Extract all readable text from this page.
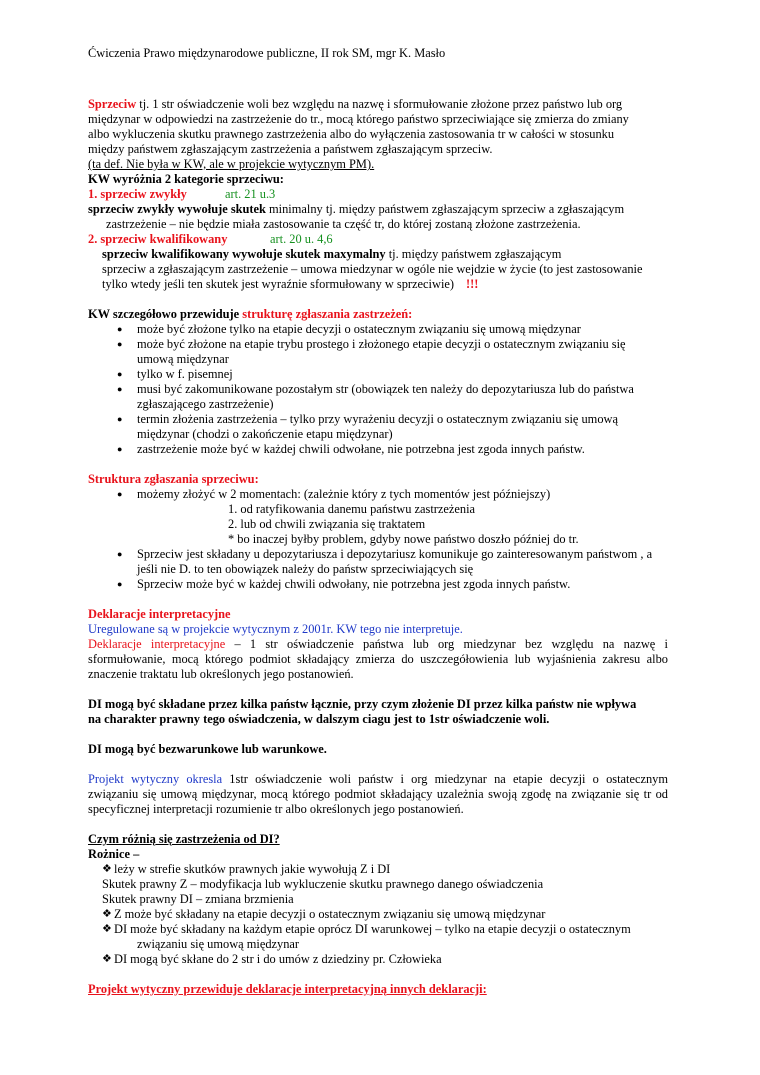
Ćwiczenia Prawo międzynarodowe publiczne, II rok SM, mgr K. Masło
Sprzeciw tj. 1 str oświadczenie woli bez względu na nazwę i sformułowanie złożone przez państwo lub org
międzynar w odpowiedzi na zastrzeżenie do tr., mocą którego państwo sprzeciwiające się zmierza do zmiany
albo wykluczenia skutku prawnego zastrzeżenia albo do wyłączenia zastosowania tr w całości w stosunku
między państwem zgłaszającym zastrzeżenia a państwem zgłaszającym sprzeciw.
(ta def. Nie była w KW, ale w projekcie wytycznym PM).
KW wyróżnia 2 kategorie sprzeciwu:
1. sprzeciw zwykły	art. 21 u.3
sprzeciw zwykły wywołuje skutek minimalny tj. między państwem zgłaszającym sprzeciw a zgłaszającym
zastrzeżenie – nie będzie miała zastosowanie ta część tr, do której zostaną złożone zastrzeżenia.
2. sprzeciw kwalifikowany	art. 20 u. 4,6
sprzeciw kwalifikowany wywołuje skutek maxymalny tj. między państwem zgłaszającym
sprzeciw a zgłaszającym zastrzeżenie – umowa miedzynar w ogóle nie wejdzie w życie (to jest zastosowanie
tylko wtedy jeśli ten skutek jest wyraźnie sformułowany w sprzeciwie) !!!
KW szczegółowo przewiduje strukturę zgłaszania zastrzeżeń:
● może być złożone tylko na etapie decyzji o ostatecznym związaniu się umową międzynar
● może być złożone na etapie trybu prostego i złożonego etapie decyzji o ostatecznym związaniu się
umową międzynar
● tylko w f. pisemnej
● musi być zakomunikowane pozostałym str (obowiązek ten należy do depozytariusza lub do państwa
zgłaszającego zastrzeżenie)
● termin złożenia zastrzeżenia – tylko przy wyrażeniu decyzji o ostatecznym związaniu się umową
międzynar (chodzi o zakończenie etapu międzynar)
● zastrzeżenie może być w każdej chwili odwołane, nie potrzebna jest zgoda innych państw.
Struktura zgłaszania sprzeciwu:
● możemy złożyć w 2 momentach: (zależnie który z tych momentów jest późniejszy)
1. od ratyfikowania danemu państwu zastrzeżenia
2. lub od chwili związania się traktatem
* bo inaczej byłby problem, gdyby nowe państwo doszło później do tr.
● Sprzeciw jest składany u depozytariusza i depozytariusz komunikuje go zainteresowanym państwom , a
jeśli nie D. to ten obowiązek należy do państw sprzeciwiających się
● Sprzeciw może być w każdej chwili odwołany, nie potrzebna jest zgoda innych państw.
Deklaracje interpretacyjne
Uregulowane są w projekcie wytycznym z 2001r. KW tego nie interpretuje.
Deklaracje interpretacyjne – 1 str oświadczenie państwa lub org miedzynar bez względu na nazwę i
sformułowanie, mocą którego podmiot składający zmierza do uszczegółowienia lub wyjaśnienia zakresu albo
znaczenie traktatu lub określonych jego postanowień.
DI mogą być składane przez kilka państw łącznie, przy czym złożenie DI przez kilka państw nie wpływa
na charakter prawny tego oświadczenia, w dalszym ciagu jest to 1str oświadczenie woli.
DI mogą być bezwarunkowe lub warunkowe.
Projekt wytyczny okresla 1str oświadczenie woli państw i org miedzynar na etapie decyzji o ostatecznym
związaniu się umową międzynar, mocą którego podmiot składający uzależnia swoją zgodę na związanie się tr od
specyficznej interpretacji rozumienie tr albo określonych jego postanowień.
Czym różnią się zastrzeżenia od DI?
Rożnice –
❖ leży w strefie skutków prawnych jakie wywołują Z i DI
Skutek prawny Z – modyfikacja lub wykluczenie skutku prawnego danego oświadczenia
Skutek prawny DI – zmiana brzmienia
❖ Z może być składany na etapie decyzji o ostatecznym związaniu się umową międzynar
❖ DI może być składany na każdym etapie oprócz DI warunkowej – tylko na etapie decyzji o ostatecznym
związaniu się umową międzynar
❖ DI mogą być skłane do 2 str i do umów z dziedziny pr. Człowieka
Projekt wytyczny przewiduje deklaracje interpretacyjną innych deklaracji:
